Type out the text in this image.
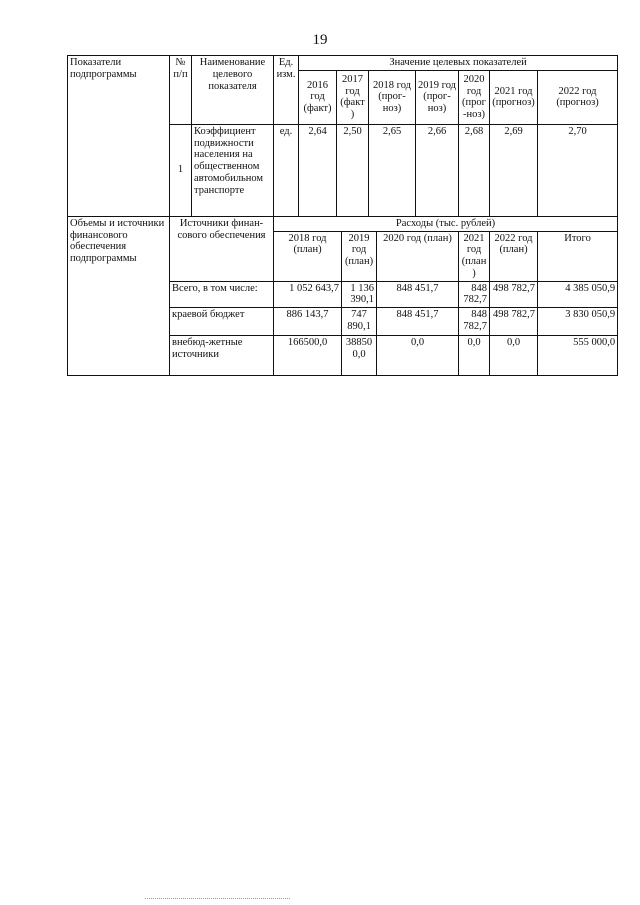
19
Показатели подпрограммы	№ п/п	Наименование целевого показателя	Ед. изм.	Значение целевых показателей								
				2016 год (факт)	2017 год (факт)		2018 год (прог-ноз)		2019 год (прог-ноз)	2020 год (прог-ноз)	2021 год (прогноз)	2022 год (прогноз)
	1	Коэффициент подвижности населения на общественном автомобильном транспорте	ед.	2,64	2,50		2,65		2,66	2,68	2,69	2,70
Объемы и источники финансового обеспечения подпрограммы	Источники финан-сового обеспечения		Расходы (тыс. рублей)									
			2018 год (план)			2019 год (план)		2020 год (план)		2021 год (план)	2022 год (план)	Итого
	Всего, в том числе:		1 052 643,7			1 136 390,1		848 451,7		848 782,7	498 782,7	4 385 050,9
	краевой бюджет		886 143,7			747 890,1		848 451,7		848 782,7	498 782,7	3 830 050,9
	внебюд-жетные источники		166500,0			388500,0		0,0		0,0	0,0	555 000,0
